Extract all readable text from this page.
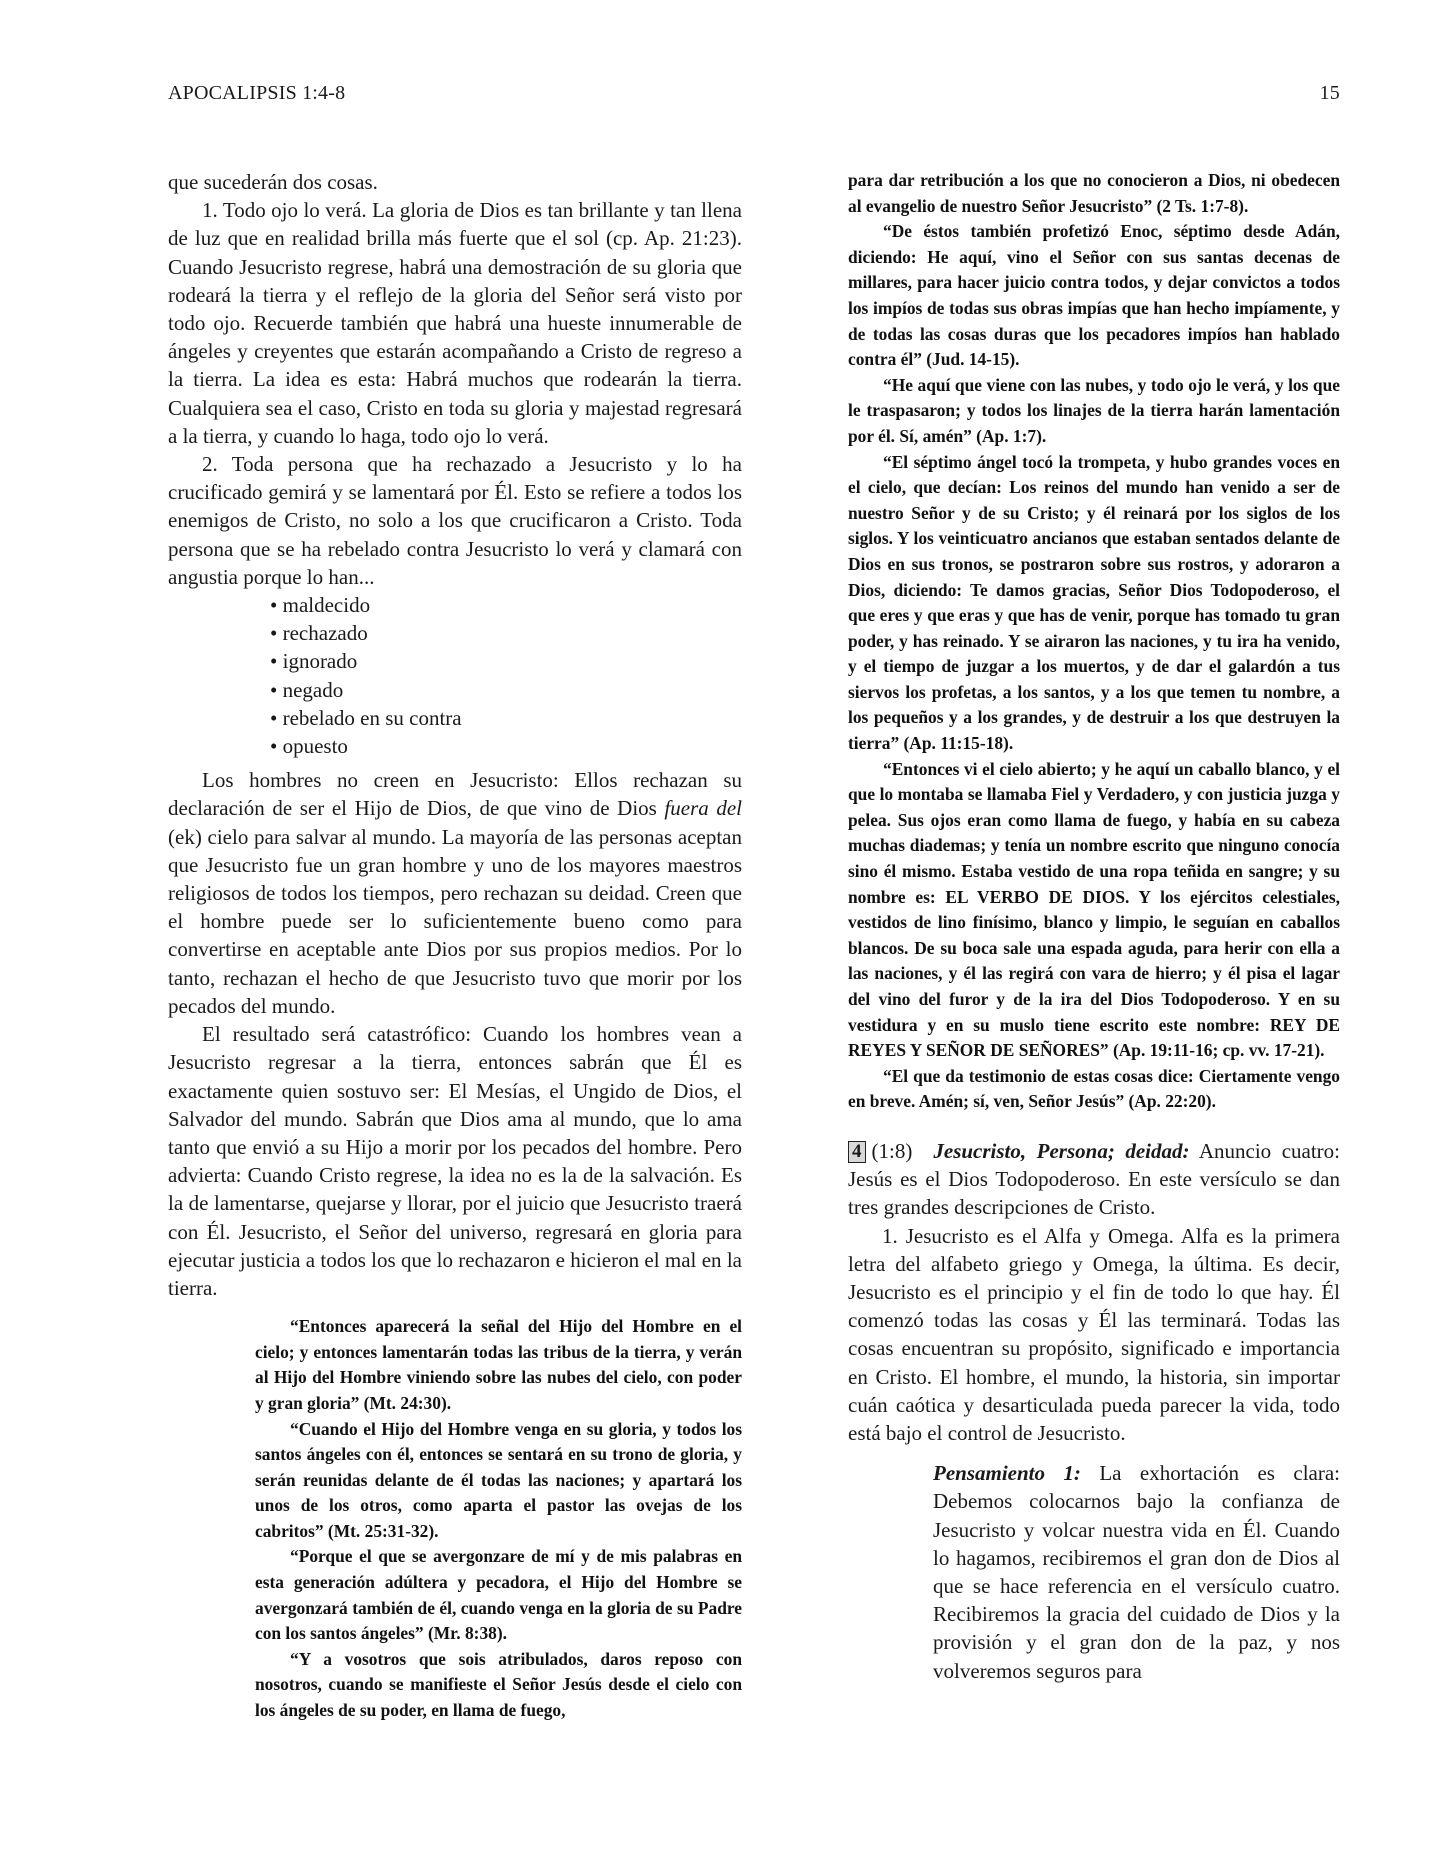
APOCALIPSIS 1:4-8	15

que sucederán dos cosas.

1. Todo ojo lo verá. La gloria de Dios es tan brillante y tan llena de luz que en realidad brilla más fuerte que el sol (cp. Ap. 21:23). Cuando Jesucristo regrese, habrá una demostración de su gloria que rodeará la tierra y el reflejo de la gloria del Señor será visto por todo ojo. Recuerde también que habrá una hueste innumerable de ángeles y creyentes que estarán acompañando a Cristo de regreso a la tierra. La idea es esta: Habrá muchos que rodearán la tierra. Cualquiera sea el caso, Cristo en toda su gloria y majestad regresará a la tierra, y cuando lo haga, todo ojo lo verá.

2. Toda persona que ha rechazado a Jesucristo y lo ha crucificado gemirá y se lamentará por Él. Esto se refiere a todos los enemigos de Cristo, no solo a los que crucificaron a Cristo. Toda persona que se ha rebelado contra Jesucristo lo verá y clamará con angustia porque lo han...

• maldecido
• rechazado
• ignorado
• negado
• rebelado en su contra
• opuesto

Los hombres no creen en Jesucristo: Ellos rechazan su declaración de ser el Hijo de Dios, de que vino de Dios fuera del (ek) cielo para salvar al mundo. La mayoría de las personas aceptan que Jesucristo fue un gran hombre y uno de los mayores maestros religiosos de todos los tiempos, pero rechazan su deidad. Creen que el hombre puede ser lo suficientemente bueno como para convertirse en aceptable ante Dios por sus propios medios. Por lo tanto, rechazan el hecho de que Jesucristo tuvo que morir por los pecados del mundo.

El resultado será catastrófico: Cuando los hombres vean a Jesucristo regresar a la tierra, entonces sabrán que Él es exactamente quien sostuvo ser: El Mesías, el Ungido de Dios, el Salvador del mundo. Sabrán que Dios ama al mundo, que lo ama tanto que envió a su Hijo a morir por los pecados del hombre. Pero advierta: Cuando Cristo regrese, la idea no es la de la salvación. Es la de lamentarse, quejarse y llorar, por el juicio que Jesucristo traerá con Él. Jesucristo, el Señor del universo, regresará en gloria para ejecutar justicia a todos los que lo rechazaron e hicieron el mal en la tierra.

“Entonces aparecerá la señal del Hijo del Hombre en el cielo; y entonces lamentarán todas las tribus de la tierra, y verán al Hijo del Hombre viniendo sobre las nubes del cielo, con poder y gran gloria” (Mt. 24:30).

“Cuando el Hijo del Hombre venga en su gloria, y todos los santos ángeles con él, entonces se sentará en su trono de gloria, y serán reunidas delante de él todas las naciones; y apartará los unos de los otros, como aparta el pastor las ovejas de los cabritos” (Mt. 25:31-32).

“Porque el que se avergonzare de mí y de mis palabras en esta generación adúltera y pecadora, el Hijo del Hombre se avergonzará también de él, cuando venga en la gloria de su Padre con los santos ángeles” (Mr. 8:38).

“Y a vosotros que sois atribulados, daros reposo con nosotros, cuando se manifieste el Señor Jesús desde el cielo con los ángeles de su poder, en llama de fuego,

para dar retribución a los que no conocieron a Dios, ni obedecen al evangelio de nuestro Señor Jesucristo” (2 Ts. 1:7-8).

“De éstos también profetizó Enoc, séptimo desde Adán, diciendo: He aquí, vino el Señor con sus santas decenas de millares, para hacer juicio contra todos, y dejar convictos a todos los impíos de todas sus obras impías que han hecho impíamente, y de todas las cosas duras que los pecadores impíos han hablado contra él” (Jud. 14-15).

“He aquí que viene con las nubes, y todo ojo le verá, y los que le traspasaron; y todos los linajes de la tierra harán lamentación por él. Sí, amén” (Ap. 1:7).

“El séptimo ángel tocó la trompeta, y hubo grandes voces en el cielo, que decían: Los reinos del mundo han venido a ser de nuestro Señor y de su Cristo; y él reinará por los siglos de los siglos. Y los veinticuatro ancianos que estaban sentados delante de Dios en sus tronos, se postraron sobre sus rostros, y adoraron a Dios, diciendo: Te damos gracias, Señor Dios Todopoderoso, el que eres y que eras y que has de venir, porque has tomado tu gran poder, y has reinado. Y se airaron las naciones, y tu ira ha venido, y el tiempo de juzgar a los muertos, y de dar el galardón a tus siervos los profetas, a los santos, y a los que temen tu nombre, a los pequeños y a los grandes, y de destruir a los que destruyen la tierra” (Ap. 11:15-18).

“Entonces vi el cielo abierto; y he aquí un caballo blanco, y el que lo montaba se llamaba Fiel y Verdadero, y con justicia juzga y pelea. Sus ojos eran como llama de fuego, y había en su cabeza muchas diademas; y tenía un nombre escrito que ninguno conocía sino él mismo. Estaba vestido de una ropa teñida en sangre; y su nombre es: EL VERBO DE DIOS. Y los ejércitos celestiales, vestidos de lino finísimo, blanco y limpio, le seguían en caballos blancos. De su boca sale una espada aguda, para herir con ella a las naciones, y él las regirá con vara de hierro; y él pisa el lagar del vino del furor y de la ira del Dios Todopoderoso. Y en su vestidura y en su muslo tiene escrito este nombre: REY DE REYES Y SEÑOR DE SEÑORES” (Ap. 19:11-16; cp. vv. 17-21).

“El que da testimonio de estas cosas dice: Ciertamente vengo en breve. Amén; sí, ven, Señor Jesús” (Ap. 22:20).

4 (1:8) Jesucristo, Persona; deidad: Anuncio cuatro: Jesús es el Dios Todopoderoso. En este versículo se dan tres grandes descripciones de Cristo.

1. Jesucristo es el Alfa y Omega. Alfa es la primera letra del alfabeto griego y Omega, la última. Es decir, Jesucristo es el principio y el fin de todo lo que hay. Él comenzó todas las cosas y Él las terminará. Todas las cosas encuentran su propósito, significado e importancia en Cristo. El hombre, el mundo, la historia, sin importar cuán caótica y desarticulada pueda parecer la vida, todo está bajo el control de Jesucristo.

Pensamiento 1: La exhortación es clara: Debemos colocarnos bajo la confianza de Jesucristo y volcar nuestra vida en Él. Cuando lo hagamos, recibiremos el gran don de Dios al que se hace referencia en el versículo cuatro. Recibiremos la gracia del cuidado de Dios y la provisión y el gran don de la paz, y nos volveremos seguros para
